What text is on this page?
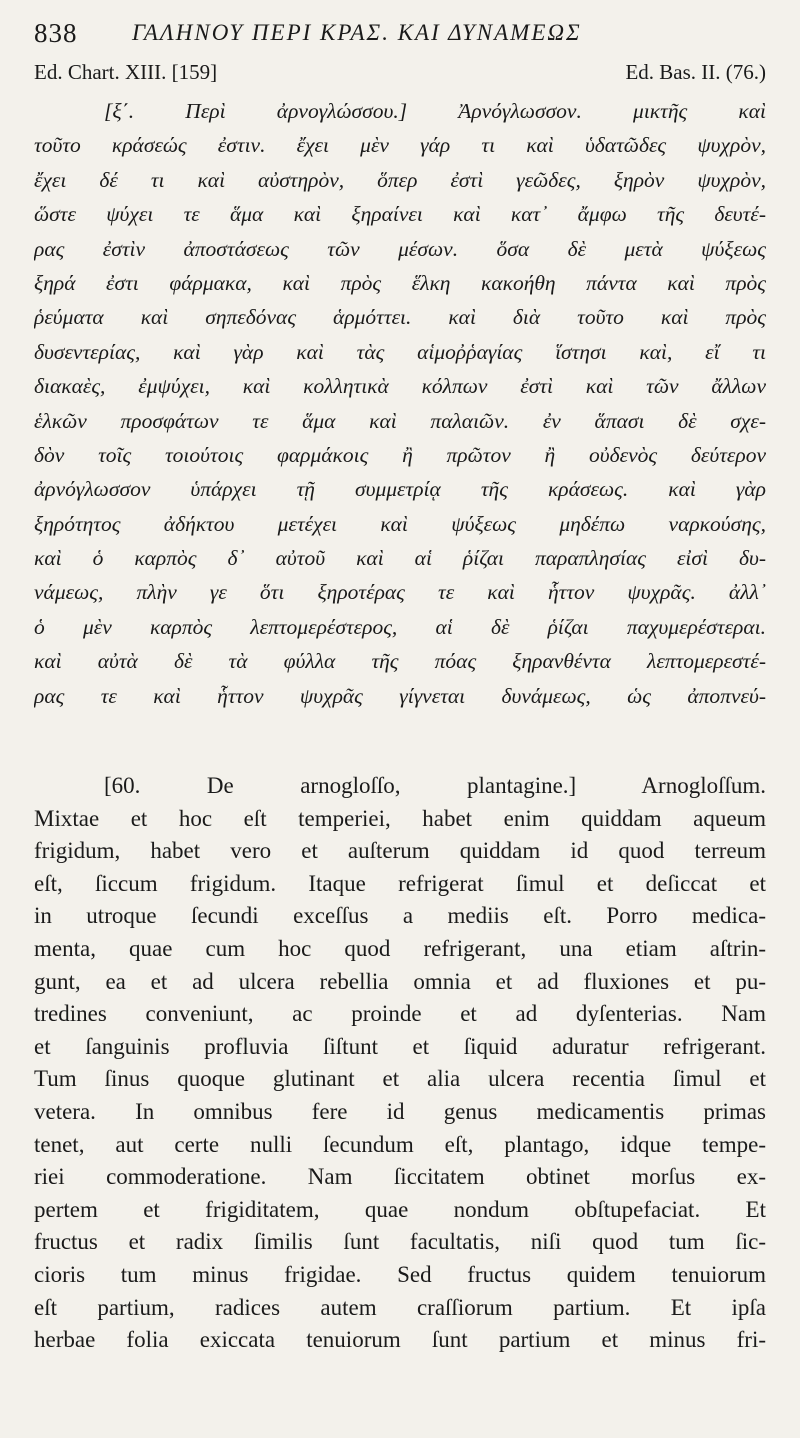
838 ΓΑΛΗΝΟΥ ΠΕΡΙ ΚΡΑΣ. ΚΑΙ ΔΥΝΑΜΕΩΣ
Ed. Chart. XIII. [159]	Ed. Bas. II. (76.)
[ξ΄. Περὶ ἀρνογλώσσου.] Ἀρνόγλωσσον. μικτῆς καὶ
τοῦτο κράσεώς ἐστιν. ἔχει μὲν γάρ τι καὶ ὑδατῶδες ψυχρὸν,
ἔχει δέ τι καὶ αὐστηρὸν, ὅπερ ἐστὶ γεῶδες, ξηρὸν ψυχρὸν,
ὥστε ψύχει τε ἅμα καὶ ξηραίνει καὶ κατ᾽ ἄμφω τῆς δευτέ-
ρας ἐστὶν ἀποστάσεως τῶν μέσων. ὅσα δὲ μετὰ ψύξεως
ξηρά ἐστι φάρμακα, καὶ πρὸς ἕλκη κακοήθη πάντα καὶ πρὸς
ῥεύματα καὶ σηπεδόνας ἁρμόττει. καὶ διὰ τοῦτο καὶ πρὸς
δυσεντερίας, καὶ γὰρ καὶ τὰς αἱμοῤῥαγίας ἵστησι καὶ, εἴ τι
διακαὲς, ἐμψύχει, καὶ κολλητικὰ κόλπων ἐστὶ καὶ τῶν ἄλλων
ἑλκῶν προσφάτων τε ἅμα καὶ παλαιῶν. ἐν ἅπασι δὲ σχε-
δὸν τοῖς τοιούτοις φαρμάκοις ἢ πρῶτον ἢ οὐδενὸς δεύτερον
ἀρνόγλωσσον ὑπάρχει τῇ συμμετρίᾳ τῆς κράσεως. καὶ γὰρ
ξηρότητος ἀδήκτου μετέχει καὶ ψύξεως μηδέπω ναρκούσης,
καὶ ὁ καρπὸς δ᾽ αὐτοῦ καὶ αἱ ῥίζαι παραπλησίας εἰσὶ δυ-
νάμεως, πλὴν γε ὅτι ξηροτέρας τε καὶ ἧττον ψυχρᾶς. ἀλλ᾽
ὁ μὲν καρπὸς λεπτομερέστερος, αἱ δὲ ῥίζαι παχυμερέστεραι.
καὶ αὐτὰ δὲ τὰ φύλλα τῆς πόας ξηρανθέντα λεπτομερεστέ-
ρας τε καὶ ἧττον ψυχρᾶς γίγνεται δυνάμεως, ὡς ἀποπνεύ-
[60. De arnogloſſo, plantagine.] Arnogloſſum.
Mixtae et hoc eſt temperiei, habet enim quiddam aqueum
frigidum, habet vero et auſterum quiddam id quod terreum
eſt, ſiccum frigidum. Itaque refrigerat ſimul et deſiccat et
in utroque ſecundi exceſſus a mediis eſt. Porro medica-
menta, quae cum hoc quod refrigerant, una etiam aſtrin-
gunt, ea et ad ulcera rebellia omnia et ad fluxiones et pu-
tredines conveniunt, ac proinde et ad dyſenterias. Nam
et ſanguinis profluvia ſiſtunt et ſiquid aduratur refrigerant.
Tum ſinus quoque glutinant et alia ulcera recentia ſimul et
vetera. In omnibus fere id genus medicamentis primas
tenet, aut certe nulli ſecundum eſt, plantago, idque tempe-
riei commoderatione. Nam ſiccitatem obtinet morſus ex-
pertem et frigiditatem, quae nondum obſtupefaciat. Et
fructus et radix ſimilis ſunt facultatis, niſi quod tum ſic-
cioris tum minus frigidae. Sed fructus quidem tenuiorum
eſt partium, radices autem craſſiorum partium. Et ipſa
herbae folia exiccata tenuiorum ſunt partium et minus fri-
